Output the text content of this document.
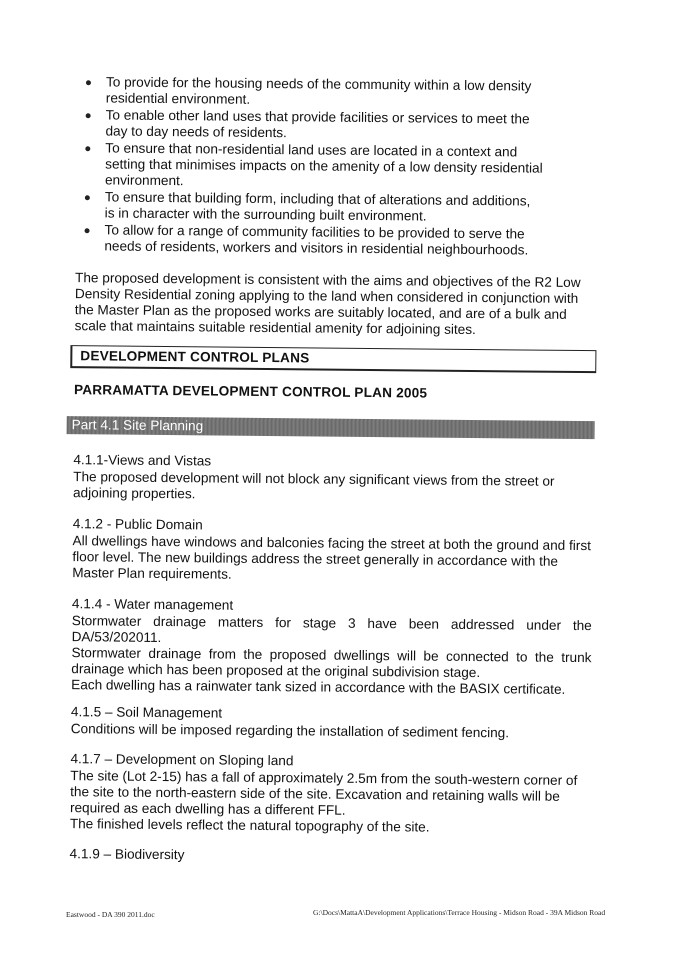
To provide for the housing needs of the community within a low density residential environment.
To enable other land uses that provide facilities or services to meet the day to day needs of residents.
To ensure that non-residential land uses are located in a context and setting that minimises impacts on the amenity of a low density residential environment.
To ensure that building form, including that of alterations and additions, is in character with the surrounding built environment.
To allow for a range of community facilities to be provided to serve the needs of residents, workers and visitors in residential neighbourhoods.
The proposed development is consistent with the aims and objectives of the R2 Low Density Residential zoning applying to the land when considered in conjunction with the Master Plan as the proposed works are suitably located, and are of a bulk and scale that maintains suitable residential amenity for adjoining sites.
DEVELOPMENT CONTROL PLANS
PARRAMATTA DEVELOPMENT CONTROL PLAN 2005
Part 4.1 Site Planning
4.1.1-Views and Vistas
The proposed development will not block any significant views from the street or adjoining properties.
4.1.2 - Public Domain
All dwellings have windows and balconies facing the street at both the ground and first floor level. The new buildings address the street generally in accordance with the Master Plan requirements.
4.1.4 - Water management
Stormwater drainage matters for stage 3 have been addressed under the DA/53/202011.
Stormwater drainage from the proposed dwellings will be connected to the trunk drainage which has been proposed at the original subdivision stage.
Each dwelling has a rainwater tank sized in accordance with the BASIX certificate.
4.1.5 – Soil Management
Conditions will be imposed regarding the installation of sediment fencing.
4.1.7 – Development on Sloping land
The site (Lot 2-15) has a fall of approximately 2.5m from the south-western corner of the site to the north-eastern side of the site. Excavation and retaining walls will be required as each dwelling has a different FFL.
The finished levels reflect the natural topography of the site.
4.1.9 – Biodiversity
Eastwood - DA 390 2011.doc	G:\Docs\MattaA\Development Applications\Terrace Housing - Midson Road - 39A Midson Road
